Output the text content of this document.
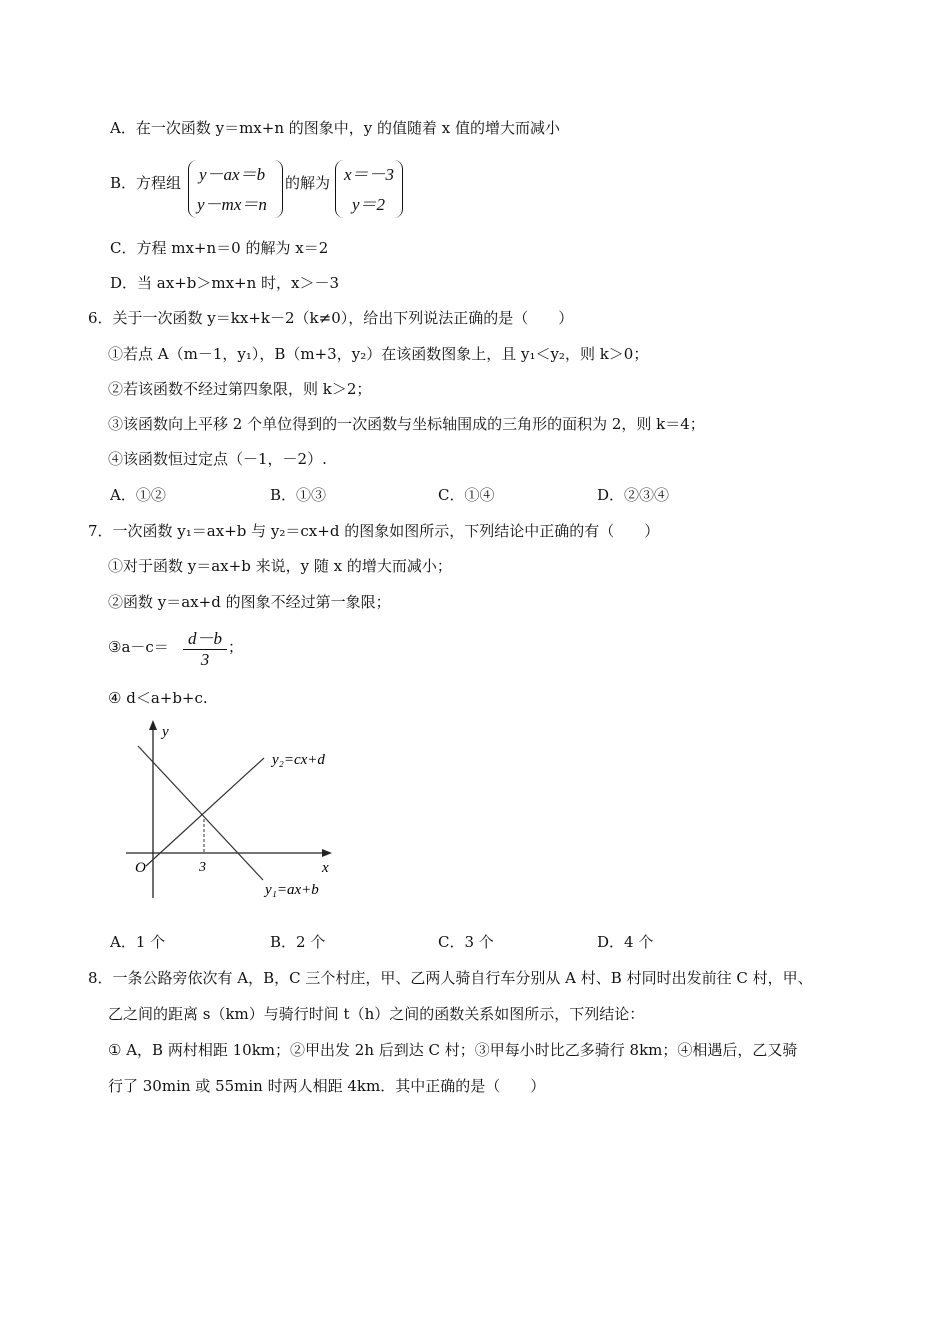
A．在一次函数 y＝mx+n 的图象中，y 的值随着 x 值的增大而减小
B．方程组 y－ax＝b
y－mx＝n
的解为 x＝－3
y＝2
C．方程 mx+n＝0 的解为 x＝2
D．当 ax+b＞mx+n 时，x＞－3
6．关于一次函数 y＝kx+k－2（k≠0），给出下列说法正确的是（　　）
①若点 A（m－1，y₁），B（m+3，y₂）在该函数图象上，且 y₁＜y₂，则 k＞0；
②若该函数不经过第四象限，则 k＞2；
③该函数向上平移 2 个单位得到的一次函数与坐标轴围成的三角形的面积为 2，则 k＝4；
④该函数恒过定点（－1，－2）.
A．①②	B．①③	C．①④	D．②③④
7．一次函数 y₁＝ax+b 与 y₂＝cx+d 的图象如图所示，下列结论中正确的有（　　）
①对于函数 y＝ax+b 来说，y 随 x 的增大而减小；
②函数 y＝ax+d 的图象不经过第一象限；
③a－c＝ d－b
3
；
④ d＜a+b+c.
y
x
O	3
y₂=cx+d
y₁=ax+b
A．1 个	B．2 个	C．3 个	D．4 个
8．一条公路旁依次有 A，B，C 三个村庄，甲、乙两人骑自行车分别从 A 村、B 村同时出发前往 C 村，甲、
乙之间的距离 s（km）与骑行时间 t（h）之间的函数关系如图所示，下列结论：
① A，B 两村相距 10km；②甲出发 2h 后到达 C 村；③甲每小时比乙多骑行 8km；④相遇后，乙又骑
行了 30min 或 55min 时两人相距 4km．其中正确的是（　　）
